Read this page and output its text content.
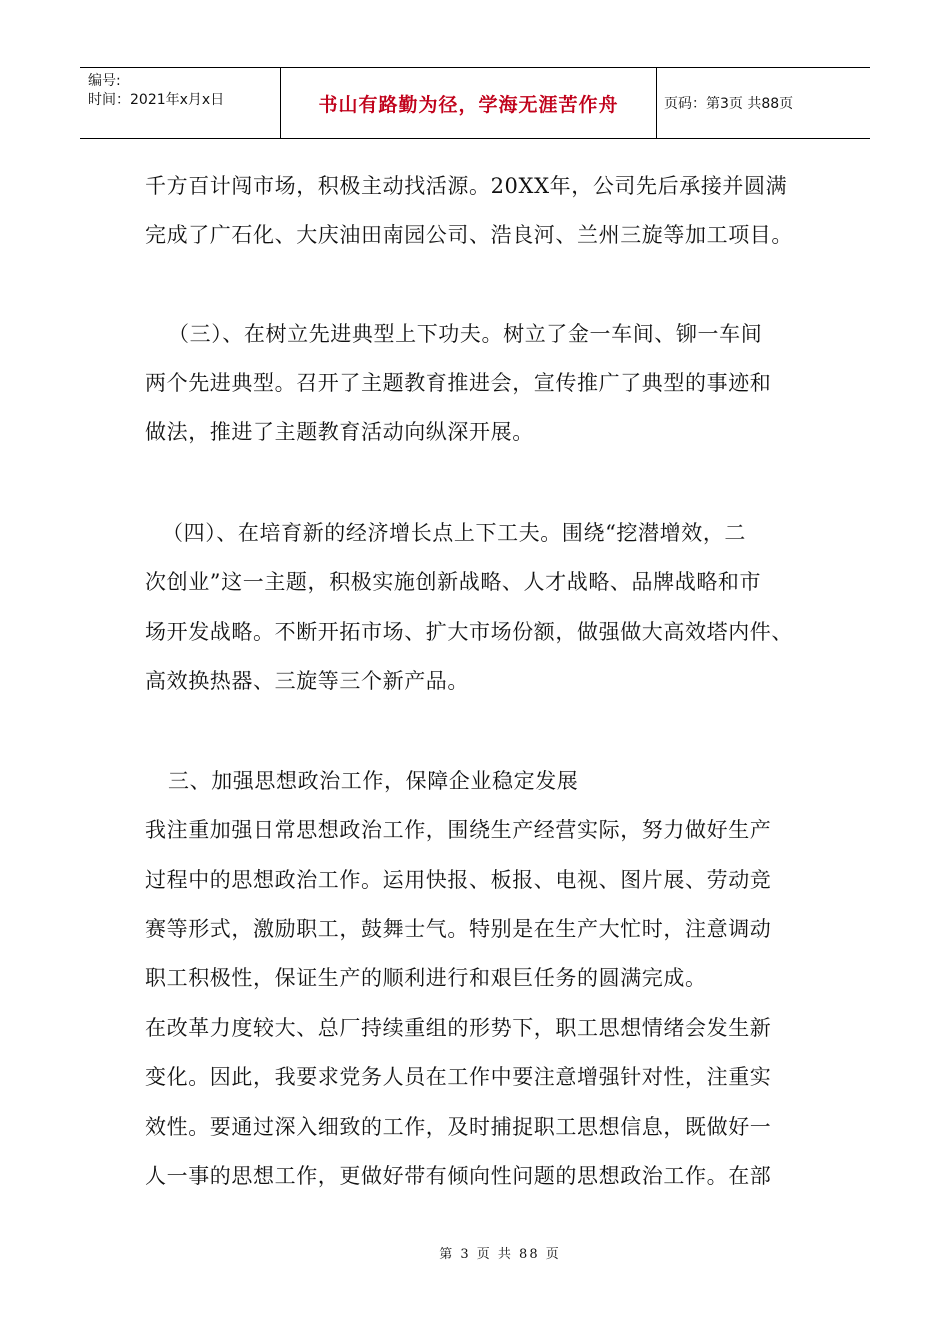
编号:
时间：2021年x月x日	书山有路勤为径，学海无涯苦作舟	页码：第3页 共88页
千方百计闯市场，积极主动找活源。20XX年，公司先后承接并圆满
完成了广石化、大庆油田南园公司、浩良河、兰州三旋等加工项目。
（三）、在树立先进典型上下功夫。树立了金一车间、铆一车间
两个先进典型。召开了主题教育推进会，宣传推广了典型的事迹和
做法，推进了主题教育活动向纵深开展。
（四）、在培育新的经济增长点上下工夫。围绕“挖潜增效，二
次创业”这一主题，积极实施创新战略、人才战略、品牌战略和市
场开发战略。不断开拓市场、扩大市场份额，做强做大高效塔内件、
高效换热器、三旋等三个新产品。
三、加强思想政治工作，保障企业稳定发展
我注重加强日常思想政治工作，围绕生产经营实际，努力做好生产
过程中的思想政治工作。运用快报、板报、电视、图片展、劳动竞
赛等形式，激励职工，鼓舞士气。特别是在生产大忙时，注意调动
职工积极性，保证生产的顺利进行和艰巨任务的圆满完成。
在改革力度较大、总厂持续重组的形势下，职工思想情绪会发生新
变化。因此，我要求党务人员在工作中要注意增强针对性，注重实
效性。要通过深入细致的工作，及时捕捉职工思想信息，既做好一
人一事的思想工作，更做好带有倾向性问题的思想政治工作。在部
第 3 页 共 88 页
